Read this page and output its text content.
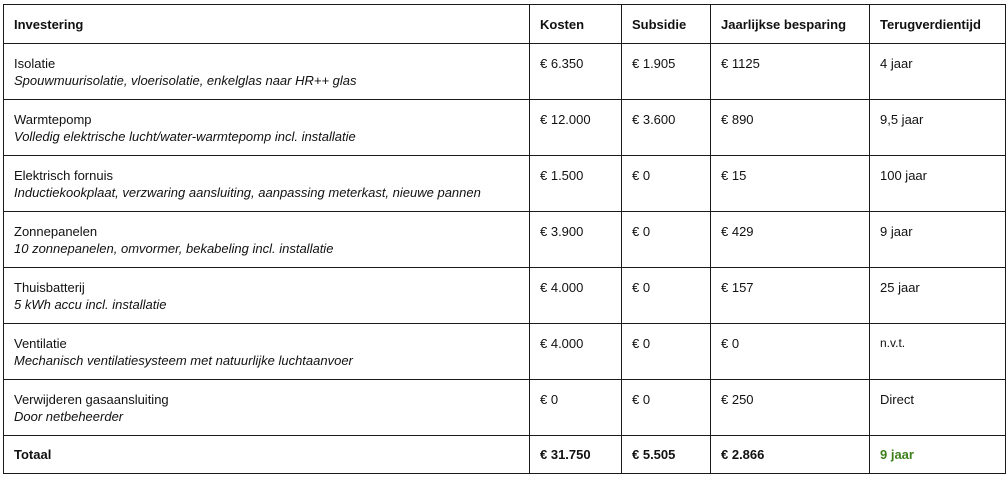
Investering	Kosten	Subsidie	Jaarlijkse besparing	Terugverdientijd

Isolatie
Spouwmuurisolatie, vloerisolatie, enkelglas naar HR++ glas	€ 6.350	€ 1.905	€ 1125	4 jaar

Warmtepomp
Volledig elektrische lucht/water-warmtepomp incl. installatie	€ 12.000	€ 3.600	€ 890	9,5 jaar

Elektrisch fornuis
Inductiekookplaat, verzwaring aansluiting, aanpassing meterkast, nieuwe pannen	€ 1.500	€ 0	€ 15	100 jaar

Zonnepanelen
10 zonnepanelen, omvormer, bekabeling incl. installatie	€ 3.900	€ 0	€ 429	9 jaar

Thuisbatterij
5 kWh accu incl. installatie	€ 4.000	€ 0	€ 157	25 jaar

Ventilatie
Mechanisch ventilatiesysteem met natuurlijke luchtaanvoer	€ 4.000	€ 0	€ 0	n.v.t.

Verwijderen gasaansluiting
Door netbeheerder	€ 0	€ 0	€ 250	Direct
Totaal	€ 31.750	€ 5.505	€ 2.866	9 jaar
